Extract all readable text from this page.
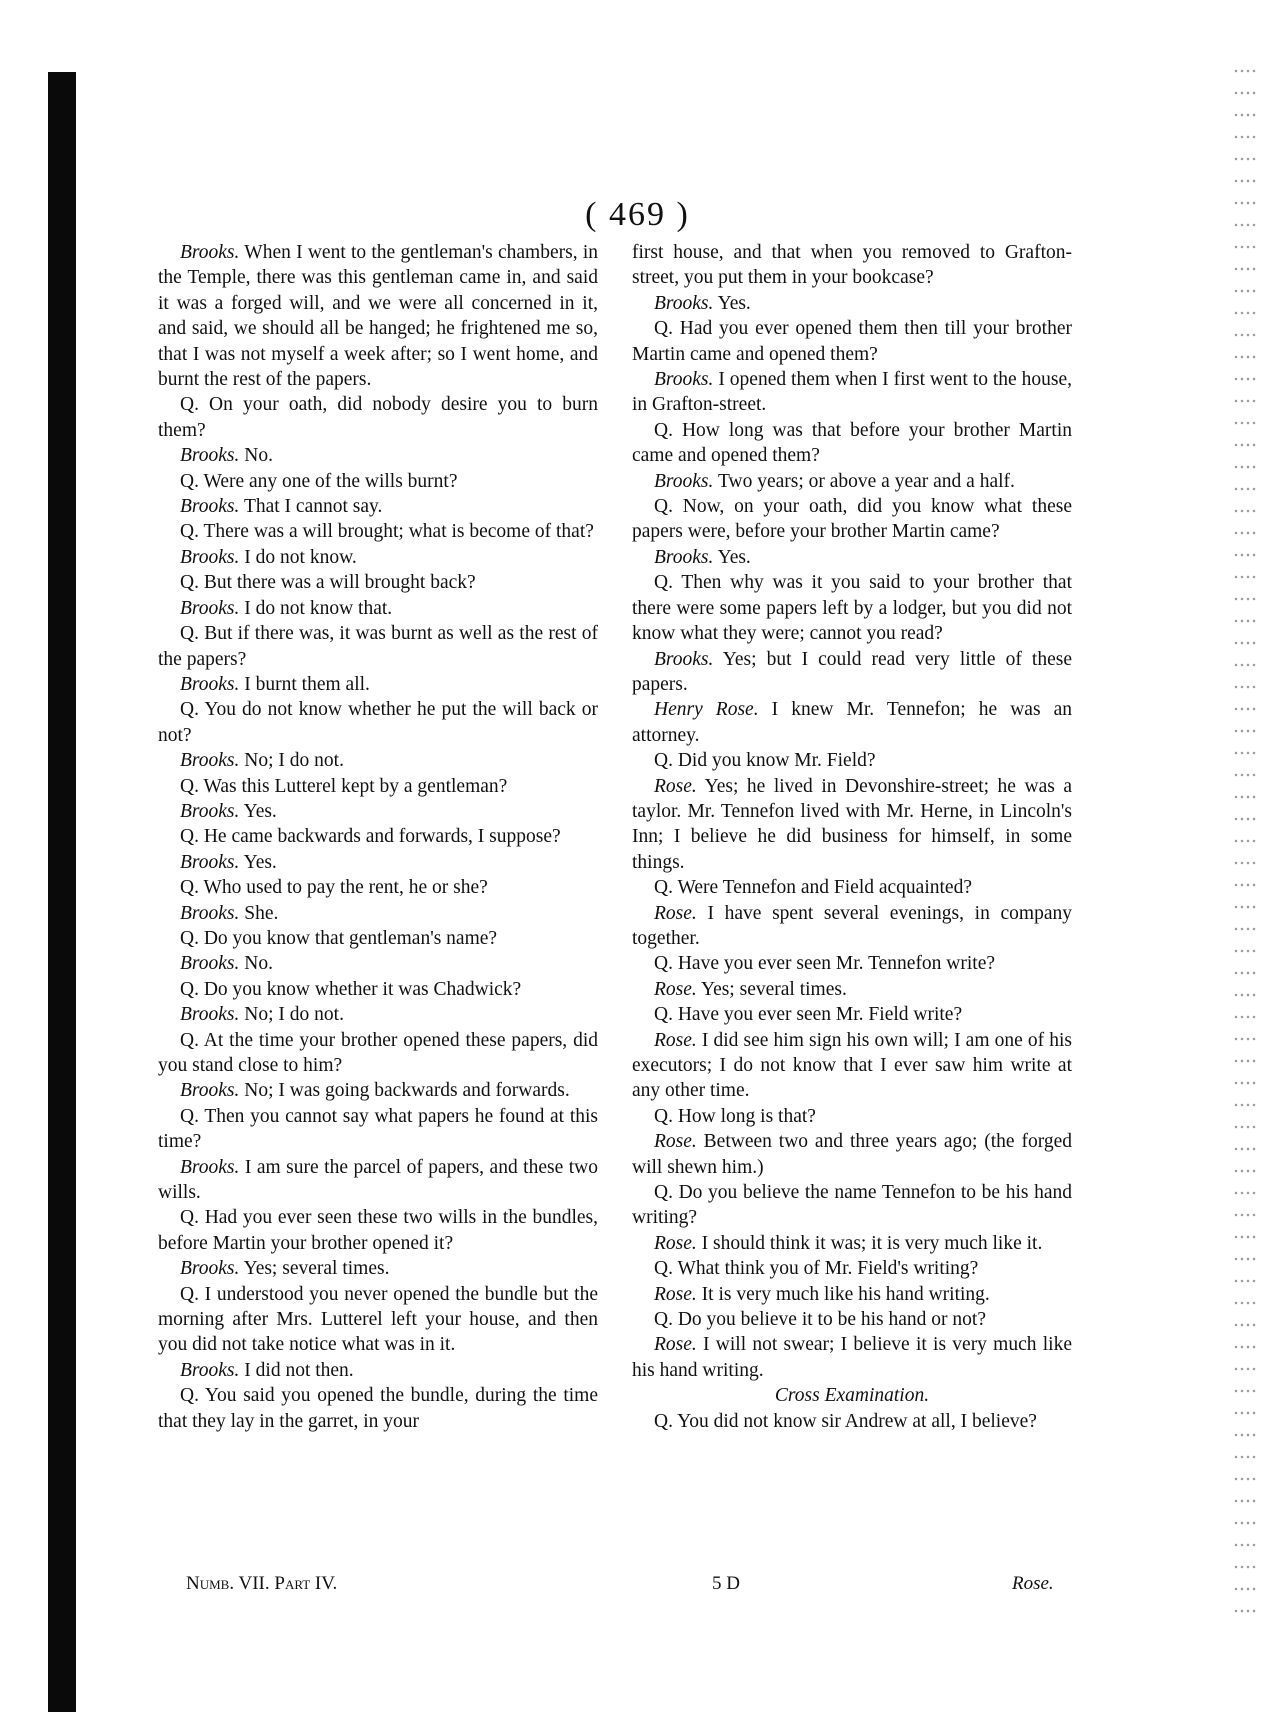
( 469 )

Brooks. When I went to the gentleman's chambers, in the Temple, there was this gentleman came in, and said it was a forged will, and we were all concerned in it, and said, we should all be hanged; he frightened me so, that I was not myself a week after; so I went home, and burnt the rest of the papers.

Q. On your oath, did nobody desire you to burn them?

Brooks. No.

Q. Were any one of the wills burnt?

Brooks. That I cannot say.

Q. There was a will brought; what is become of that?

Brooks. I do not know.

Q. But there was a will brought back?

Brooks. I do not know that.

Q. But if there was, it was burnt as well as the rest of the papers?

Brooks. I burnt them all.

Q. You do not know whether he put the will back or not?

Brooks. No; I do not.

Q. Was this Lutterel kept by a gentleman?

Brooks. Yes.

Q. He came backwards and forwards, I suppose?

Brooks. Yes.

Q. Who used to pay the rent, he or she?

Brooks. She.

Q. Do you know that gentleman's name?

Brooks. No.

Q. Do you know whether it was Chadwick?

Brooks. No; I do not.

Q. At the time your brother opened these papers, did you stand close to him?

Brooks. No; I was going backwards and forwards.

Q. Then you cannot say what papers he found at this time?

Brooks. I am sure the parcel of papers, and these two wills.

Q. Had you ever seen these two wills in the bundles, before Martin your brother opened it?

Brooks. Yes; several times.

Q. I understood you never opened the bundle but the morning after Mrs. Lutterel left your house, and then you did not take notice what was in it.

Brooks. I did not then.

Q. You said you opened the bundle, during the time that they lay in the garret, in your

first house, and that when you removed to Grafton-street, you put them in your bookcase?

Brooks. Yes.

Q. Had you ever opened them then till your brother Martin came and opened them?

Brooks. I opened them when I first went to the house, in Grafton-street.

Q. How long was that before your brother Martin came and opened them?

Brooks. Two years; or above a year and a half.

Q. Now, on your oath, did you know what these papers were, before your brother Martin came?

Brooks. Yes.

Q. Then why was it you said to your brother that there were some papers left by a lodger, but you did not know what they were; cannot you read?

Brooks. Yes; but I could read very little of these papers.

Henry Rose. I knew Mr. Tennefon; he was an attorney.

Q. Did you know Mr. Field?

Rose. Yes; he lived in Devonshire-street; he was a taylor. Mr. Tennefon lived with Mr. Herne, in Lincoln's Inn; I believe he did business for himself, in some things.

Q. Were Tennefon and Field acquainted?

Rose. I have spent several evenings, in company together.

Q. Have you ever seen Mr. Tennefon write?

Rose. Yes; several times.

Q. Have you ever seen Mr. Field write?

Rose. I did see him sign his own will; I am one of his executors; I do not know that I ever saw him write at any other time.

Q. How long is that?

Rose. Between two and three years ago; (the forged will shewn him.)

Q. Do you believe the name Tennefon to be his hand writing?

Rose. I should think it was; it is very much like it.

Q. What think you of Mr. Field's writing?

Rose. It is very much like his hand writing.

Q. Do you believe it to be his hand or not?

Rose. I will not swear; I believe it is very much like his hand writing.

Cross Examination.

Q. You did not know sir Andrew at all, I believe?

Numb. VII. Part IV.	5 D	Rose.
